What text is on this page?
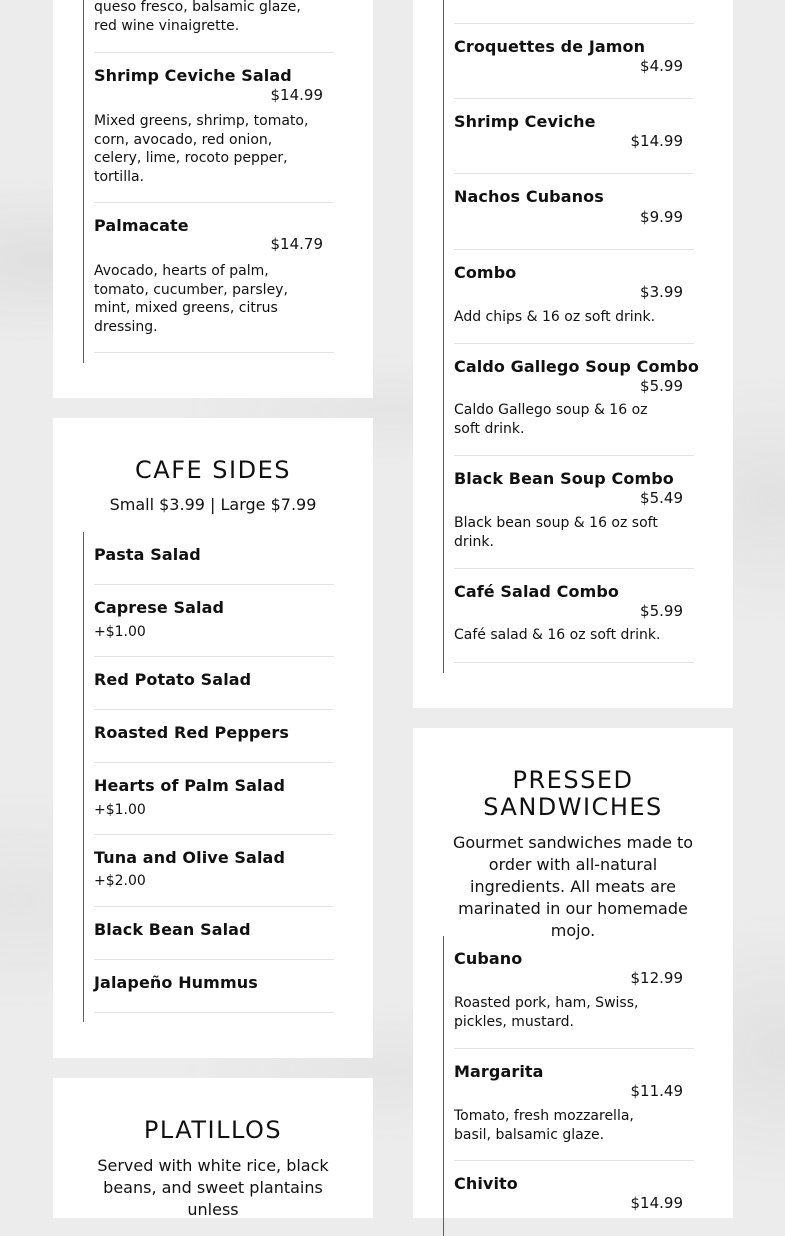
queso fresco, balsamic glaze, red wine vinaigrette.
Shrimp Ceviche Salad
$14.99
Mixed greens, shrimp, tomato, corn, avocado, red onion, celery, lime, rocoto pepper, tortilla.
Palmacate
$14.79
Avocado, hearts of palm, tomato, cucumber, parsley, mint, mixed greens, citrus dressing.
CAFE SIDES
Small $3.99 | Large $7.99
Pasta Salad
Caprese Salad
+$1.00
Red Potato Salad
Roasted Red Peppers
Hearts of Palm Salad
+$1.00
Tuna and Olive Salad
+$2.00
Black Bean Salad
Jalapeño Hummus
PLATILLOS
Served with white rice, black beans, and sweet plantains unless
Croquettes de Jamon
$4.99
Shrimp Ceviche
$14.99
Nachos Cubanos
$9.99
Combo
$3.99
Add chips & 16 oz soft drink.
Caldo Gallego Soup Combo
$5.99
Caldo Gallego soup & 16 oz soft drink.
Black Bean Soup Combo
$5.49
Black bean soup & 16 oz soft drink.
Café Salad Combo
$5.99
Café salad & 16 oz soft drink.
PRESSED SANDWICHES
Gourmet sandwiches made to order with all-natural ingredients. All meats are marinated in our homemade mojo.
Cubano
$12.99
Roasted pork, ham, Swiss, pickles, mustard.
Margarita
$11.49
Tomato, fresh mozzarella, basil, balsamic glaze.
Chivito
$14.99
